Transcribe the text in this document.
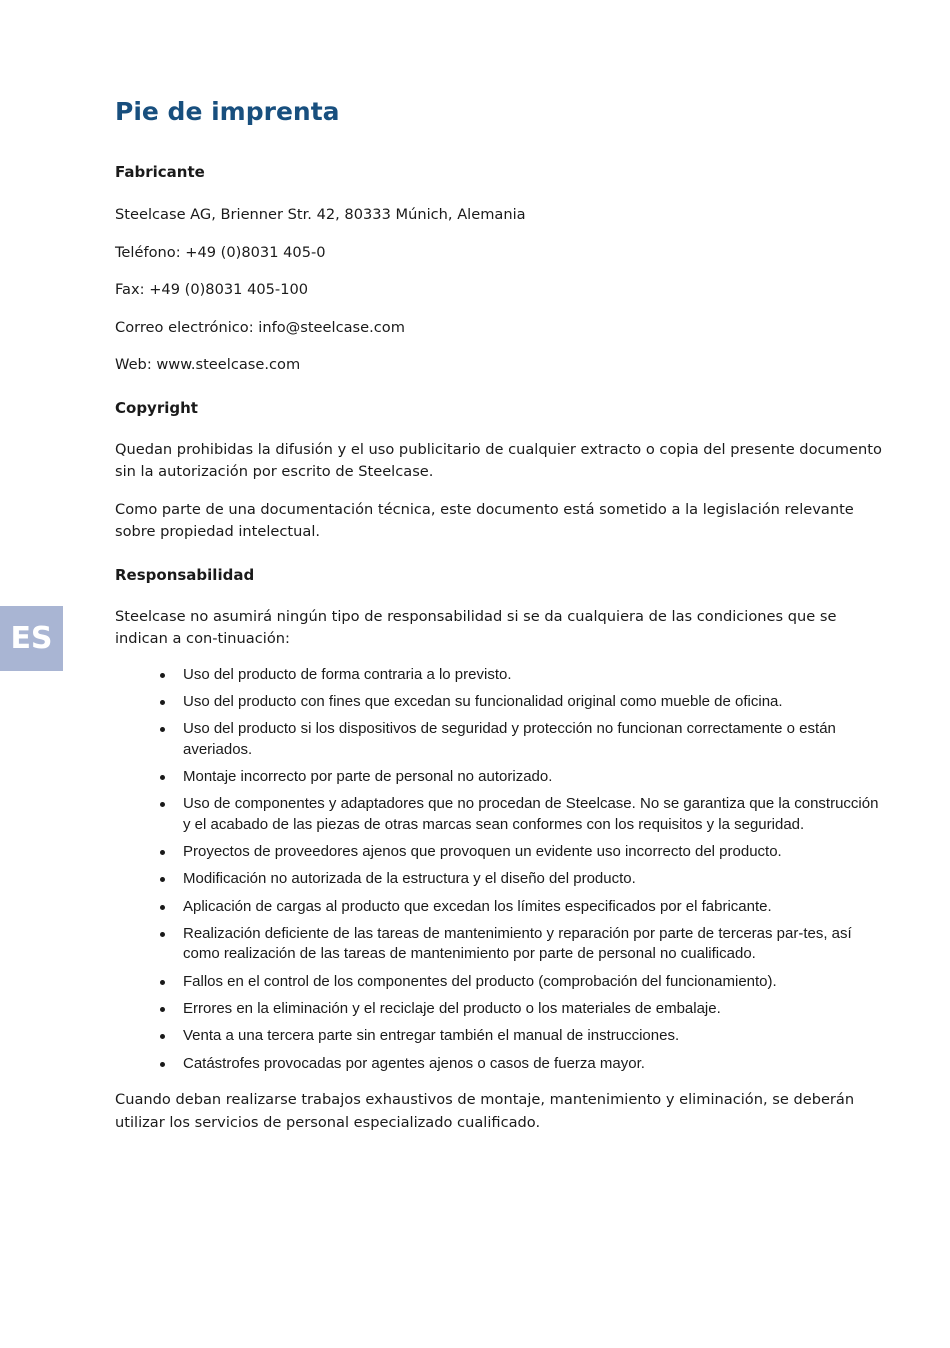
ES
Pie de imprenta
Fabricante

Steelcase AG, Brienner Str. 42, 80333 Múnich, Alemania

Teléfono: +49 (0)8031 405-0

Fax: +49 (0)8031 405-100

Correo electrónico: info@steelcase.com

Web: www.steelcase.com

Copyright

Quedan prohibidas la difusión y el uso publicitario de cualquier extracto o copia del presente documento sin la autorización por escrito de Steelcase.

Como parte de una documentación técnica, este documento está sometido a la legislación relevante sobre propiedad intelectual.

Responsabilidad

Steelcase no asumirá ningún tipo de responsabilidad si se da cualquiera de las condiciones que se indican a con-tinuación:

Uso del producto de forma contraria a lo previsto.
Uso del producto con fines que excedan su funcionalidad original como mueble de oficina.
Uso del producto si los dispositivos de seguridad y protección no funcionan correctamente o están averiados.
Montaje incorrecto por parte de personal no autorizado.
Uso de componentes y adaptadores que no procedan de Steelcase. No se garantiza que la construcción y el acabado de las piezas de otras marcas sean conformes con los requisitos y la seguridad.
Proyectos de proveedores ajenos que provoquen un evidente uso incorrecto del producto.
Modificación no autorizada de la estructura y el diseño del producto.
Aplicación de cargas al producto que excedan los límites especificados por el fabricante.
Realización deficiente de las tareas de mantenimiento y reparación por parte de terceras par-tes, así como realización de las tareas de mantenimiento por parte de personal no cualificado.
Fallos en el control de los componentes del producto (comprobación del funcionamiento).
Errores en la eliminación y el reciclaje del producto o los materiales de embalaje.
Venta a una tercera parte sin entregar también el manual de instrucciones.
Catástrofes provocadas por agentes ajenos o casos de fuerza mayor.

Cuando deban realizarse trabajos exhaustivos de montaje, mantenimiento y eliminación, se deberán utilizar los servicios de personal especializado cualificado.
